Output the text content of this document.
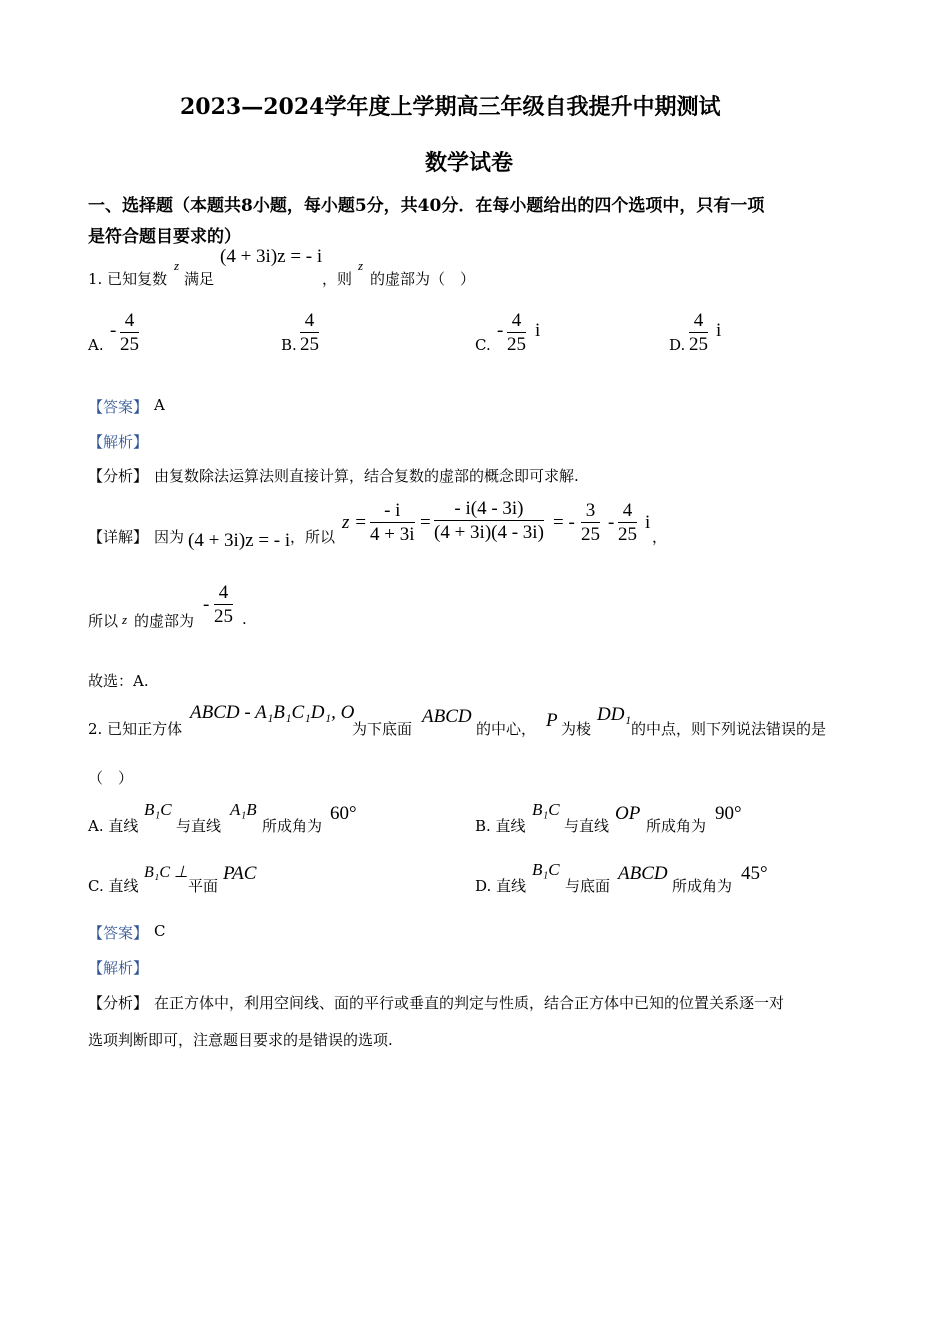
2023—2024学年度上学期高三年级自我提升中期测试
数学试卷
一、选择题（本题共8小题，每小题5分，共40分．在每小题给出的四个选项中，只有一项
是符合题目要求的）
1. 已知复数
z
满足
(4 + 3i)z = - i
，则
z
的虚部为（　）
A.
- $\frac{4}{25}$	B. $\frac{4}{25}$	C.
- $\frac{4}{25}$ i
D. $\frac{4}{25}$ i
【答案】 A
【解析】
【分析】 由复数除法运算法则直接计算，结合复数的虚部的概念即可求解.
【详解】 因为 (4 + 3i)z = - i ，所以
$z = \frac{- i}{4 + 3i} = \frac{- i(4 - 3i)}{(4 + 3i)(4 - 3i)}$ = - $\frac{3}{25} - \frac{4}{25}$ i
，
所以 z 的虚部为
- $\frac{4}{25}$ .
故选：A.
2. 已知正方体
ABCD - A₁B₁C₁D₁, O
为下底面
ABCD
的中心， P 为棱
DD₁
的中点，则下列说法错误的是
（　）
A. 直线
B₁C
与直线
A₁B
所成角为
60°
B. 直线
B₁C
与直线
OP
所成角为
90°
C. 直线
B₁C ⊥
平面
PAC
D. 直线
B₁C
与底面
ABCD
所成角为
45°
【答案】 C
【解析】
【分析】 在正方体中，利用空间线、面的平行或垂直的判定与性质，结合正方体中已知的位置关系逐一对
选项判断即可，注意题目要求的是错误的选项.
